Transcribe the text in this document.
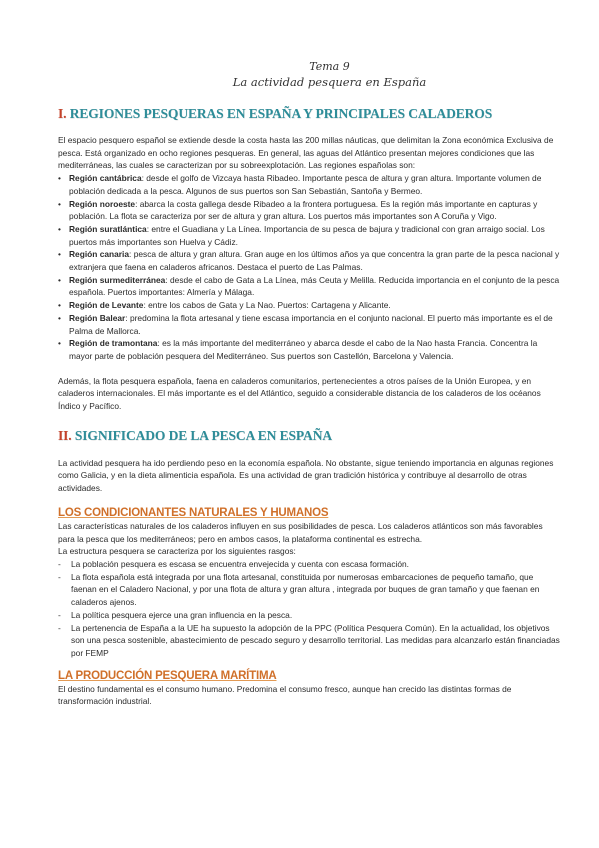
Tema 9
La actividad pesquera en España
I. REGIONES PESQUERAS EN ESPAÑA Y PRINCIPALES CALADEROS

El espacio pesquero español se extiende desde la costa hasta las 200 millas náuticas, que delimitan la Zona económica Exclusiva de pesca. Está organizado en ocho regiones pesqueras. En general, las aguas del Atlántico presentan mejores condiciones que las mediterráneas, las cuales se caracterizan por su sobreexplotación. Las regiones españolas son:

• Región cantábrica: desde el golfo de Vizcaya hasta Ribadeo. Importante pesca de altura y gran altura. Importante volumen de población dedicada a la pesca. Algunos de sus puertos son San Sebastián, Santoña y Bermeo.
• Región noroeste: abarca la costa gallega desde Ribadeo a la frontera portuguesa. Es la región más importante en capturas y población. La flota se caracteriza por ser de altura y gran altura. Los puertos más importantes son A Coruña y Vigo.
• Región suratlántica: entre el Guadiana y La Línea. Importancia de su pesca de bajura y tradicional con gran arraigo social. Los puertos más importantes son Huelva y Cádiz.
• Región canaria: pesca de altura y gran altura. Gran auge en los últimos años ya que concentra la gran parte de la pesca nacional y extranjera que faena en caladeros africanos. Destaca el puerto de Las Palmas.
• Región surmediterránea: desde el cabo de Gata a La Línea, más Ceuta y Melilla. Reducida importancia en el conjunto de la pesca española. Puertos importantes: Almería y Málaga.
• Región de Levante: entre los cabos de Gata y La Nao. Puertos: Cartagena y Alicante.
• Región Balear: predomina la flota artesanal y tiene escasa importancia en el conjunto nacional. El puerto más importante es el de Palma de Mallorca.
• Región de tramontana: es la más importante del mediterráneo y abarca desde el cabo de la Nao hasta Francia. Concentra la mayor parte de población pesquera del Mediterráneo. Sus puertos son Castellón, Barcelona y Valencia.

Además, la flota pesquera española, faena en caladeros comunitarios, pertenecientes a otros países de la Unión Europea, y en caladeros internacionales. El más importante es el del Atlántico, seguido a considerable distancia de los caladeros de los océanos Índico y Pacífico.

II. SIGNIFICADO DE LA PESCA EN ESPAÑA

La actividad pesquera ha ido perdiendo peso en la economía española. No obstante, sigue teniendo importancia en algunas regiones como Galicia, y en la dieta alimenticia española. Es una actividad de gran tradición histórica y contribuye al desarrollo de otras actividades.

LOS CONDICIONANTES NATURALES Y HUMANOS

Las características naturales de los caladeros influyen en sus posibilidades de pesca. Los caladeros atlánticos son más favorables para la pesca que los mediterráneos; pero en ambos casos, la plataforma continental es estrecha.

La estructura pesquera se caracteriza por los siguientes rasgos:

- La población pesquera es escasa se encuentra envejecida y cuenta con escasa formación.
- La flota española está integrada por una flota artesanal, constituida por numerosas embarcaciones de pequeño tamaño, que faenan en el Caladero Nacional, y por una flota de altura y gran altura , integrada por buques de gran tamaño y que faenan en caladeros ajenos.
- La política pesquera ejerce una gran influencia en la pesca.
- La pertenencia de España a la UE ha supuesto la adopción de la PPC (Política Pesquera Común). En la actualidad, los objetivos son una pesca sostenible, abastecimiento de pescado seguro y desarrollo territorial. Las medidas para alcanzarlo están financiadas por FEMP
LA PRODUCCIÓN PESQUERA MARÍTIMA

El destino fundamental es el consumo humano. Predomina el consumo fresco, aunque han crecido las distintas formas de transformación industrial.
